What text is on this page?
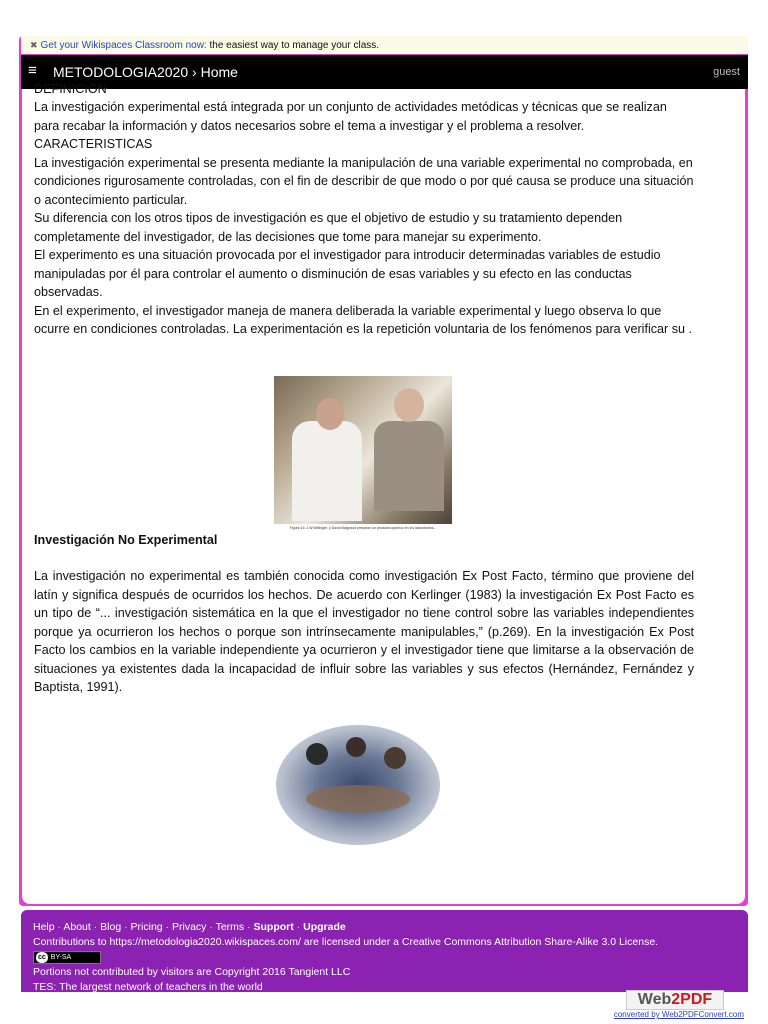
✖ Get your Wikispaces Classroom now: the easiest way to manage your class.
≡ METODOLOGIA2020 › Home	guest
DEFINICION

La investigación experimental está integrada por un conjunto de actividades metódicas y técnicas que se realizan para recabar la información y datos necesarios sobre el tema a investigar y el problema a resolver.

CARACTERISTICAS

La investigación experimental se presenta mediante la manipulación de una variable experimental no comprobada, en condiciones rigurosamente controladas, con el fin de describir de que modo o por qué causa se produce una situación o acontecimiento particular.

Su diferencia con los otros tipos de investigación es que el objetivo de estudio y su tratamiento dependen completamente del investigador, de las decisiones que tome para manejar su experimento.

El experimento es una situación provocada por el investigador para introducir determinadas variables de estudio manipuladas por él para controlar el aumento o disminución de esas variables y su efecto en las conductas observadas.

En el experimento, el investigador maneja de manera deliberada la variable experimental y luego observa lo que ocurre en condiciones controladas. La experimentación es la repetición voluntaria de los fenómenos para verificar su .

Investigación No Experimental

La investigación no experimental es también conocida como investigación Ex Post Facto, término que proviene del latín y significa después de ocurridos los hechos. De acuerdo con Kerlinger (1983) la investigación Ex Post Facto es un tipo de “... investigación sistemática en la que el investigador no tiene control sobre las variables independientes porque ya ocurrieron los hechos o porque son intrínsecamente manipulables,” (p.269). En la investigación Ex Post Facto los cambios en la variable independiente ya ocurrieron y el investigador tiene que limitarse a la observación de situaciones ya existentes dada la incapacidad de influir sobre las variables y sus efectos (Hernández, Fernández y Baptista, 1991).

Figura 1b. J.W Bellinger, y David Magnaud preparan un producto químico en los laboratorios...
Help · About · Blog · Pricing · Privacy · Terms · Support · Upgrade
Contributions to https://metodologia2020.wikispaces.com/ are licensed under a Creative Commons Attribution Share-Alike 3.0 License.
cc BY-SA
Portions not contributed by visitors are Copyright 2016 Tangient LLC
TES: The largest network of teachers in the world
Web2PDF
converted by Web2PDFConvert.com
